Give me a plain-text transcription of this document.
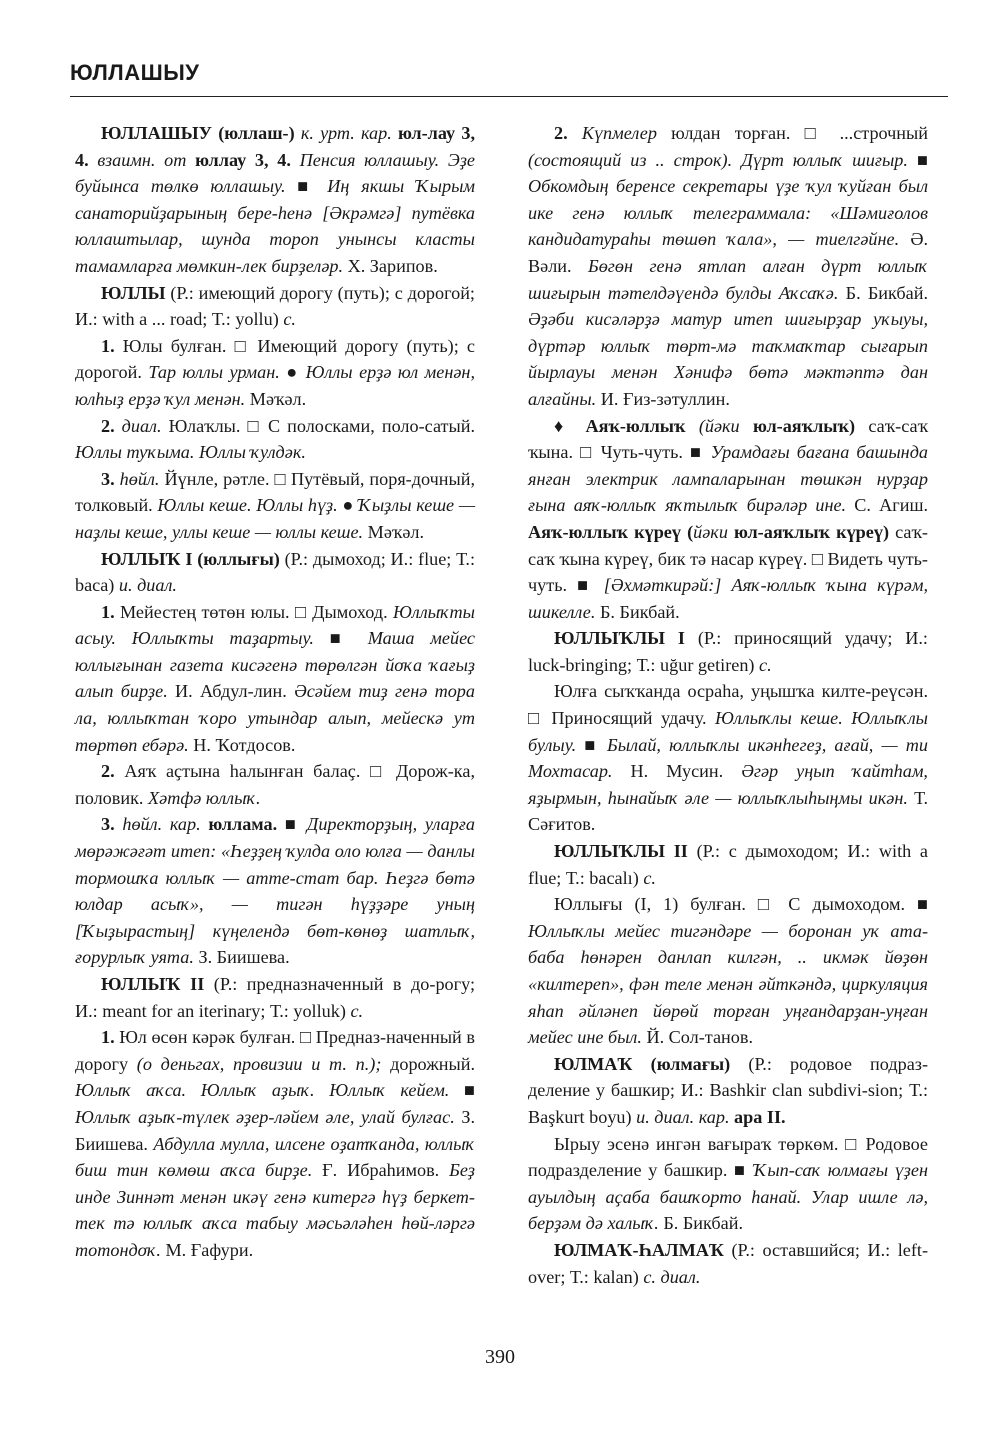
ЮЛЛАШЫУ

ЮЛЛАШЫУ (юллаш-) к. урт. кар. юл-лау 3, 4. взаимн. от юллау 3, 4. Пенсия юллашыу. Эҙе буйынса төлкө юллашыу. ■ Иң якшы Ҡырым санаторийҙарының бере-һенә [Әкрәмгә] путёвка юллаштылар, шунда тороп унынсы класты тамамларға мөмкин-лек бирҙеләр. Х. Зарипов.

ЮЛЛЫ (Р.: имеющий дорогу (путь); с дорогой; И.: with a ... road; Т.: yollu) с.

1. Юлы булған. □ Имеющий дорогу (путь); с дорогой. Тар юллы урман. ● Юллы ерҙә юл менән, юлһыҙ ерҙә ҡул менән. Мәҡәл.

2. диал. Юлаҡлы. □ С полосками, поло-сатый. Юллы туҡыма. Юллы ҡулдәк.

3. һөйл. Йүнле, рәтле. □ Путёвый, поря-дочный, толковый. Юллы кеше. Юллы һүҙ. ● Ҡыҙлы кеше — наҙлы кеше, уллы кеше — юллы кеше. Мәҡәл.

ЮЛЛЫҠ I (юллығы) (Р.: дымоход; И.: flue; Т.: baca) и. диал.

1. Мейестең төтөн юлы. □ Дымоход. Юллыҡты асыу. Юллыҡты таҙартыу. ■ Маша мейес юллығынан газета кисәгенә төрөлгән йоҡа ҡағыҙ алып бирҙе. И. Абдул-лин. Әсәйем тиҙ генә тора ла, юллыҡтан ҡоро утындар алып, мейескә ут төртөп ебәрә. Н. Ҡотдосов.

2. Аяҡ аҫтына һалынған балаҫ. □ Дорож-ка, половик. Хәтфә юллыҡ.

3. һөйл. кар. юллама. ■ Директорҙың, уларға мөрәжәғәт итеп: «Һеҙҙең ҡулда оло юлға — данлы тормошҡа юллыҡ — атте-стат бар. Һеҙгә бөтә юлдар асыҡ», — тигән һүҙҙәре уның [Ҡыҙырастың] күңелендә бөт-көнөҙ шатлыҡ, ғорурлыҡ уята. З. Биишева.

ЮЛЛЫҠ II (Р.: предназначенный в до-рогу; И.: meant for an iterinary; Т.: yolluk) с.

1. Юл өсөн кәрәк булған. □ Предназ-наченный в дорогу (о деньгах, провизии и т. п.); дорожный. Юллыҡ аҡса. Юллыҡ аҙыҡ. Юллыҡ кейем. ■ Юллыҡ аҙыҡ-түлек әҙер-ләйем әле, улай булғас. З. Биишева. Абдулла мулла, илсене оҙатҡанда, юллыҡ биш тин көмөш аҡса бирҙе. Ғ. Ибраһимов. Беҙ инде Зиннәт менән икәү генә китергә һүҙ беркет-тек тә юллыҡ аҡса табыу мәсьәләһен һөй-ләргә тотондоҡ. М. Ғафури.

2. Күпмелер юлдан торған. □ ...строчный (состоящий из .. строк). Дүрт юллыҡ шиғыр. ■ Обкомдың беренсе секретары үҙе ҡул ҡуйған был ике генә юллыҡ телеграммала: «Шәмиғолов кандидатураһы төшөп ҡала», — тиелгәйне. Ә. Вәли. Бөгөн генә ятлап алған дүрт юллыҡ шиғырын тәтелдәүендә булды Аҡсаҡә. Б. Бикбай. Әҙәби кисәләрҙә матур итеп шиғырҙар уҡыуы, дүртәр юллыҡ төрт-мә таҡмаҡтар сығарып йырлауы менән Хәнифә бөтә мәктәптә дан алғайны. И. Ғиз-зәтуллин.

♦ Аяҡ-юллыҡ (йәки юл-аяҡлыҡ) саҡ-саҡ ҡына. □ Чуть-чуть. ■ Урамдағы бағана башында янған электрик лампаларынан төшкән нурҙар ғына аяҡ-юллыҡ яҡтылыҡ бирәләр ине. С. Агиш. Аяҡ-юллыҡ күреү (йәки юл-аяҡлыҡ күреү) саҡ-саҡ ҡына күреү, бик тә насар күреү. □ Видеть чуть-чуть. ■ [Әхмәткирәй:] Аяҡ-юллыҡ ҡына күрәм, шикелле. Б. Бикбай.

ЮЛЛЫҠЛЫ I (Р.: приносящий удачу; И.: luck-bringing; Т.: uğur getiren) с.

Юлға сыҡҡанда осраһа, уңышҡа килте-реүсән. □ Приносящий удачу. Юллыҡлы кеше. Юллыҡлы булыу. ■ Былай, юллыҡлы икәнһегеҙ, ағай, — ти Мохтасар. Н. Мусин. Әгәр уңып ҡайтһам, яҙырмын, һынайыҡ әле — юллыҡлыһыңмы икән. Т. Сәғитов.

ЮЛЛЫҠЛЫ II (Р.: с дымоходом; И.: with a flue; Т.: bacalı) с.

Юллығы (I, 1) булған. □ С дымоходом. ■ Юллыҡлы мейес тигәндәре — боронан уҡ ата-баба һөнәрен данлап килгән, .. икмәк йөҙөн «килтереп», фән теле менән әйткәндә, циркуляция яһап әйләнеп йөрөй торған уңғандарҙан-уңған мейес ине был. Й. Сол-танов.

ЮЛМАҠ (юлмағы) (Р.: родовое подраз-деление у башкир; И.: Bashkir clan subdivi-sion; Т.: Başkurt boyu) и. диал. кар. ара II.

Ырыу эсенә ингән вағыраҡ төркөм. □ Родовое подразделение у башкир. ■ Ҡып-саҡ юлмағы үҙен ауылдың аҫаба башҡорто һанай. Улар ишле лә, берҙәм дә халыҡ. Б. Бикбай.

ЮЛМАҠ-ҺАЛМАҠ (Р.: оставшийся; И.: left-over; Т.: kalan) с. диал.

390
